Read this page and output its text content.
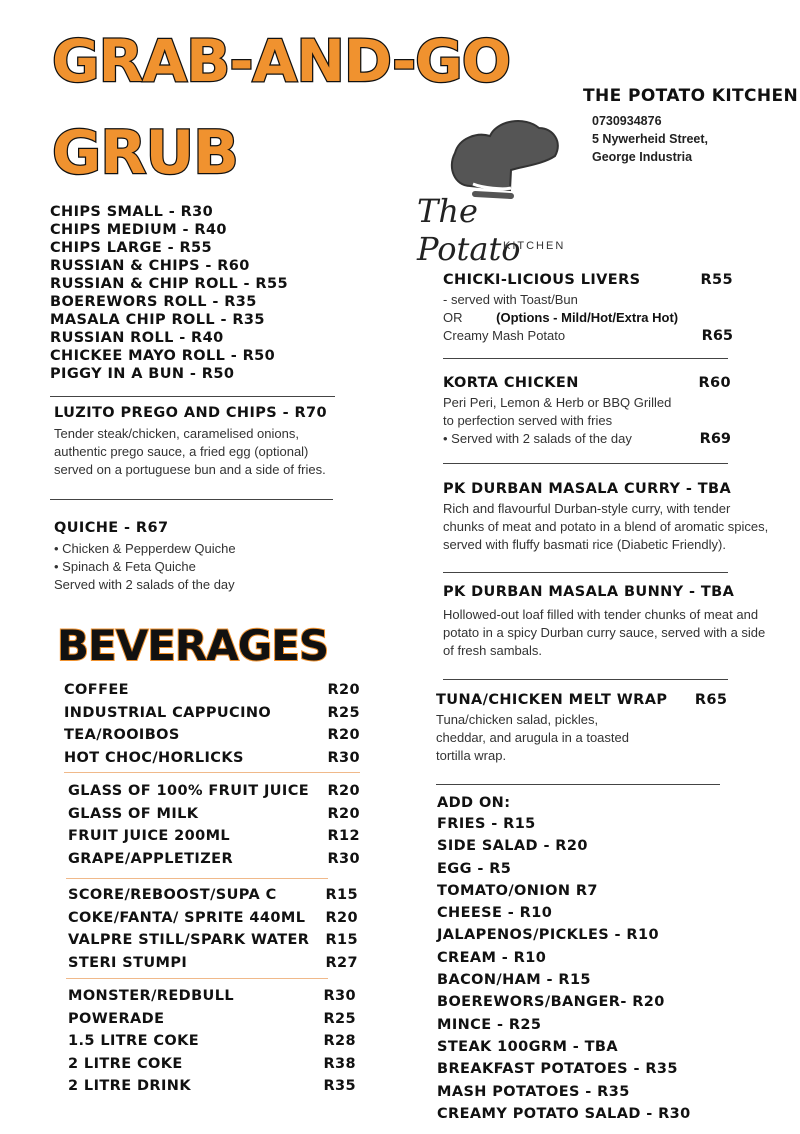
GRAB-AND-GO
GRUB
THE POTATO KITCHEN
0730934876
5 Nywerheid Street,
George Industria
The Potato
KITCHEN
CHIPS SMALL - R30
CHIPS MEDIUM - R40
CHIPS LARGE - R55
RUSSIAN & CHIPS - R60
RUSSIAN & CHIP ROLL - R55
BOEREWORS ROLL - R35
MASALA CHIP ROLL - R35
RUSSIAN ROLL - R40
CHICKEE MAYO ROLL - R50
PIGGY IN A BUN - R50
LUZITO PREGO AND CHIPS - R70
Tender steak/chicken, caramelised onions,
authentic prego sauce, a fried egg (optional)
served on a portuguese bun and a side of fries.
QUICHE - R67
• Chicken & Pepperdew Quiche
• Spinach & Feta Quiche
Served with 2 salads of the day
BEVERAGES
COFFEE	R20
INDUSTRIAL CAPPUCINO	R25
TEA/ROOIBOS	R20
HOT CHOC/HORLICKS	R30
GLASS OF 100% FRUIT JUICE R20
GLASS OF MILK	R20
FRUIT JUICE 200ML	R12
GRAPE/APPLETIZER	R30
SCORE/REBOOST/SUPA C	R15
COKE/FANTA/ SPRITE 440ML R20
VALPRE STILL/SPARK WATER R15
STERI STUMPI	R27
MONSTER/REDBULL	R30
POWERADE	R25
1.5 LITRE COKE	R28
2 LITRE COKE	R38
2 LITRE DRINK	R35
CHICKI-LICIOUS LIVERS	R55
- served with Toast/Bun
OR	(Options - Mild/Hot/Extra Hot)
Creamy Mash Potato	R65
KORTA CHICKEN	R60
Peri Peri, Lemon & Herb or BBQ Grilled
to perfection served with fries
• Served with 2 salads of the day	R69
PK DURBAN MASALA CURRY - TBA
Rich and flavourful Durban-style curry, with tender
chunks of meat and potato in a blend of aromatic spices,
served with fluffy basmati rice (Diabetic Friendly).
PK DURBAN MASALA BUNNY - TBA
Hollowed-out loaf filled with tender chunks of meat and
potato in a spicy Durban curry sauce, served with a side
of fresh sambals.
TUNA/CHICKEN MELT WRAP R65
Tuna/chicken salad, pickles,
cheddar, and arugula in a toasted
tortilla wrap.
ADD ON:
FRIES - R15
SIDE SALAD - R20
EGG - R5
TOMATO/ONION R7
CHEESE - R10
JALAPENOS/PICKLES - R10
CREAM - R10
BACON/HAM - R15
BOEREWORS/BANGER- R20
MINCE - R25
STEAK 100GRM - TBA
BREAKFAST POTATOES - R35
MASH POTATOES - R35
CREAMY POTATO SALAD - R30
